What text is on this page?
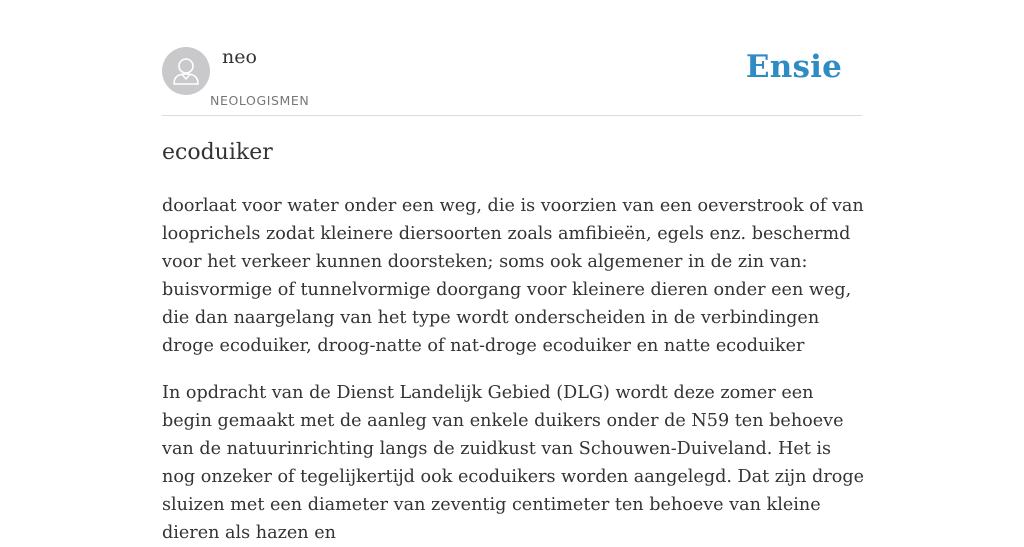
neo
NEOLOGISMEN
Ensie
ecoduiker

doorlaat voor water onder een weg, die is voorzien van een oeverstrook of van looprichels zodat kleinere diersoorten zoals amfibieën, egels enz. beschermd voor het verkeer kunnen doorsteken; soms ook algemener in de zin van: buisvormige of tunnelvormige doorgang voor kleinere dieren onder een weg, die dan naargelang van het type wordt onderscheiden in de verbindingen droge ecoduiker, droog-natte of nat-droge ecoduiker en natte ecoduiker

In opdracht van de Dienst Landelijk Gebied (DLG) wordt deze zomer een begin gemaakt met de aanleg van enkele duikers onder de N59 ten behoeve van de natuurinrichting langs de zuidkust van Schouwen-Duiveland. Het is nog onzeker of tegelijkertijd ook ecoduikers worden aangelegd. Dat zijn droge sluizen met een diameter van zeventig centimeter ten behoeve van kleine dieren als hazen en
